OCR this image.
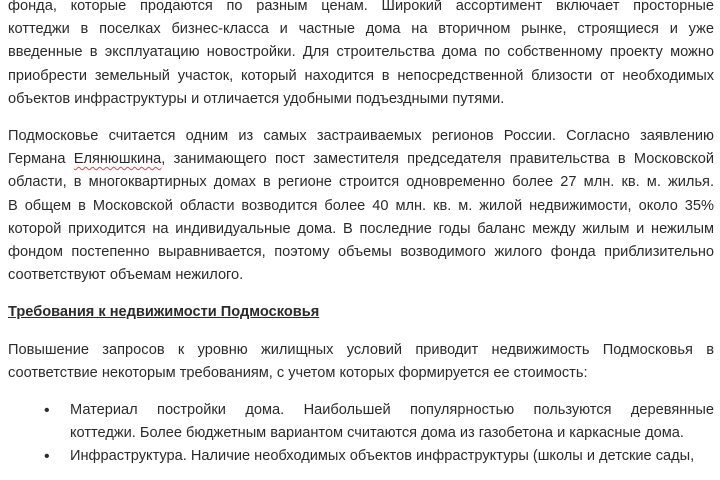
фонда, которые продаются по разным ценам. Широкий ассортимент включает просторные
коттеджи в поселках бизнес-класса и частные дома на вторичном рынке, строящиеся и уже
введенные в эксплуатацию новостройки. Для строительства дома по собственному проекту можно
приобрести земельный участок, который находится в непосредственной близости от необходимых
объектов инфраструктуры и отличается удобными подъездными путями.
Подмосковье считается одним из самых застраиваемых регионов России. Согласно заявлению
Германа Елянюшкина, занимающего пост заместителя председателя правительства в Московской
области, в многоквартирных домах в регионе строится одновременно более 27 млн. кв. м. жилья.
В общем в Московской области возводится более 40 млн. кв. м. жилой недвижимости, около 35%
которой приходится на индивидуальные дома. В последние годы баланс между жилым и нежилым
фондом постепенно выравнивается, поэтому объемы возводимого жилого фонда приблизительно
соответствуют объемам нежилого.

Требования к недвижимости Подмосковья

Повышение запросов к уровню жилищных условий приводит недвижимость Подмосковья в
соответствие некоторым требованиям, с учетом которых формируется ее стоимость:
• Материал постройки дома. Наибольшей популярностью пользуются деревянные
коттеджи. Более бюджетным вариантом считаются дома из газобетона и каркасные дома.
• Инфраструктура. Наличие необходимых объектов инфраструктуры (школы и детские сады,
